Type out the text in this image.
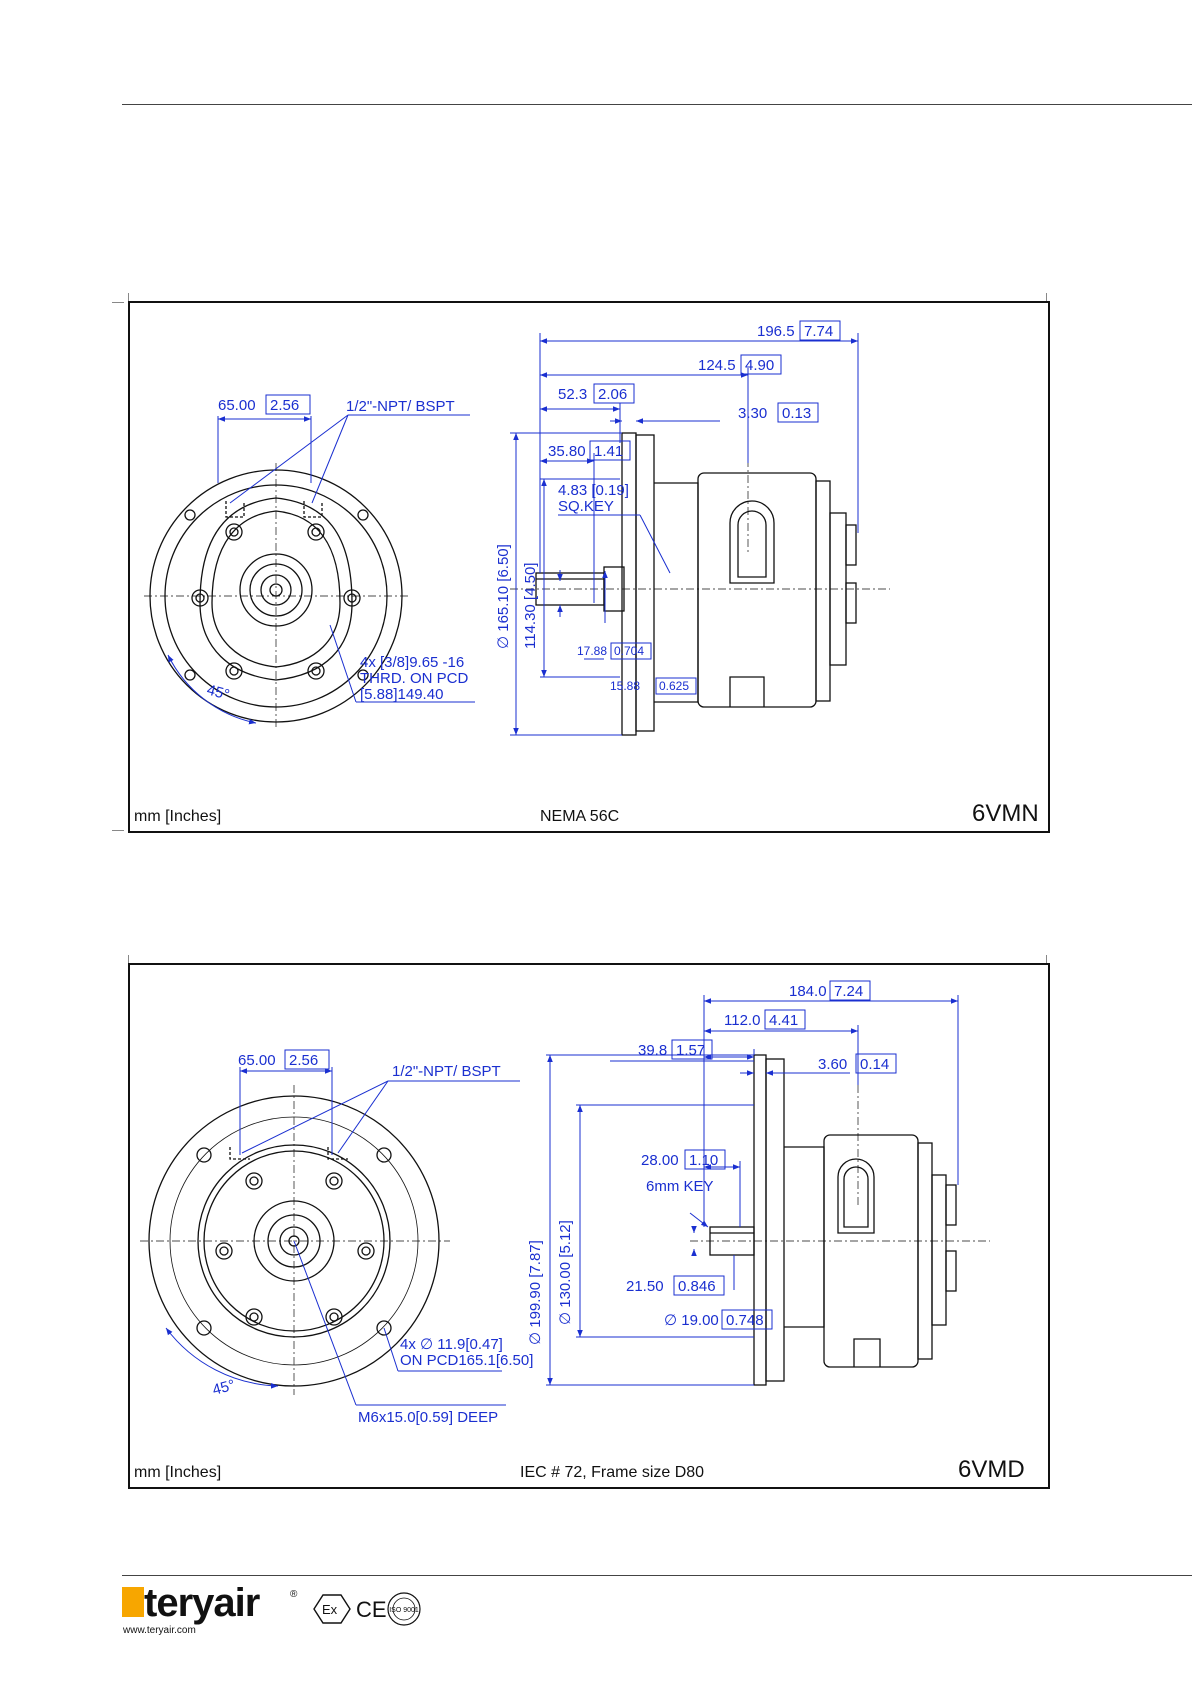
65.00 2.56	1/2"-NPT/ BSPT
45°
4x [3/8]9.65 -16
THRD. ON PCD
[5.88]149.40
196.5 7.74
124.5 4.90
52.3 2.06
3.30 0.13
35.80 1.41
4.83 [0.19]
SQ.KEY
17.88 0.704
15.88 0.625
∅ 165.10 [6.50] 114.30 [4.50]
mm [Inches]	NEMA 56C	6VMN
65.00 2.56
1/2"-NPT/ BSPT
45°
4x ∅ 11.9[0.47]
ON PCD165.1[6.50]
M6x15.0[0.59] DEEP
184.0 7.24
112.0 4.41
39.8 1.57
3.60 0.14
28.00 1.10
6mm KEY
21.50 0.846
∅ 19.00 0.748
∅ 199.90 [7.87] ∅ 130.00 [5.12]
mm [Inches]	IEC # 72, Frame size D80	6VMD
teryair	®
www.teryair.com
Ex CE ISO 9001
